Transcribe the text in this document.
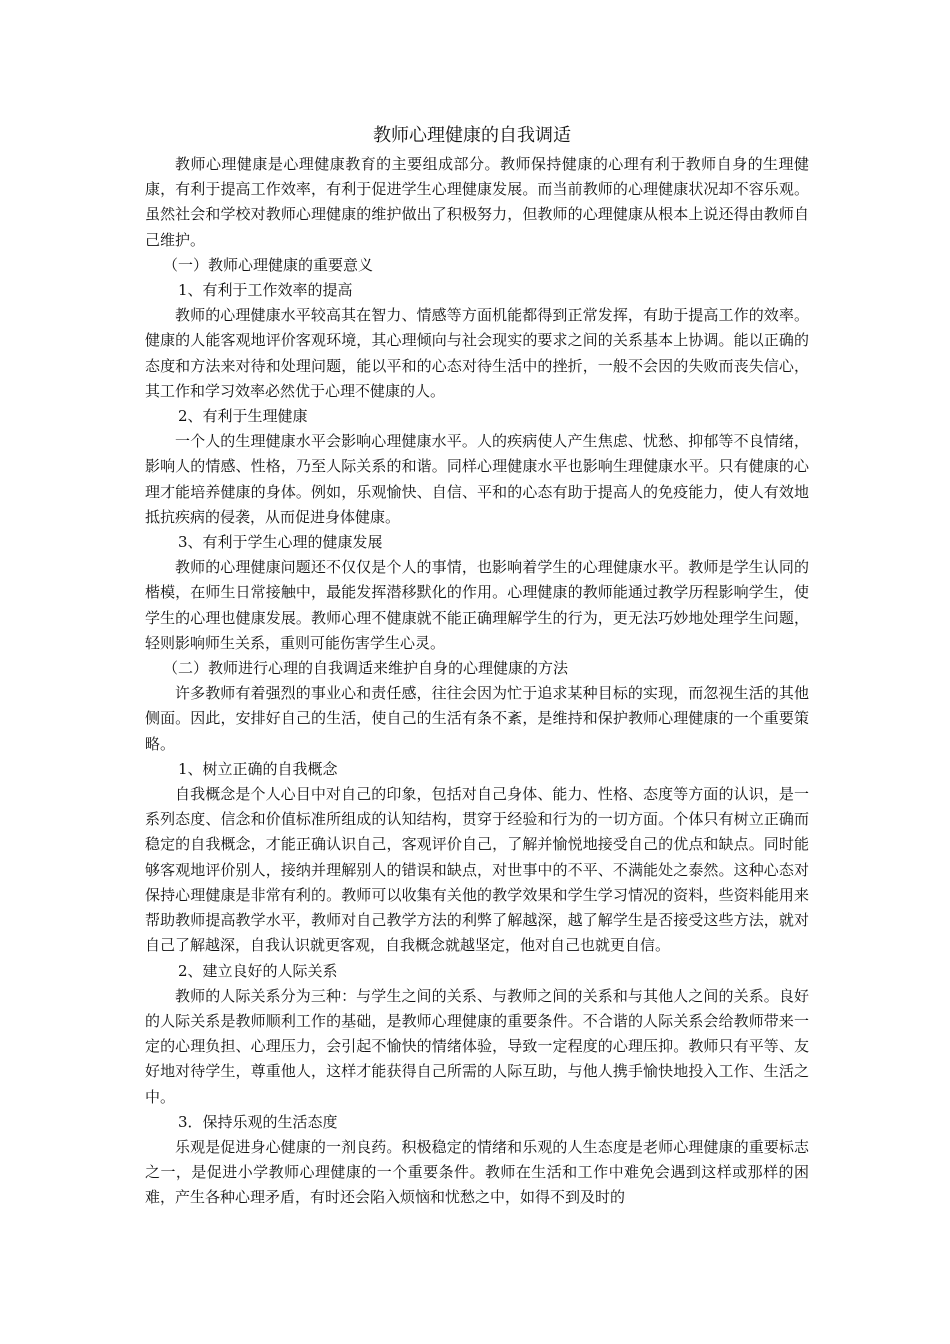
教师心理健康的自我调适

教师心理健康是心理健康教育的主要组成部分。教师保持健康的心理有利于教师自身的生理健康，有利于提高工作效率，有利于促进学生心理健康发展。而当前教师的心理健康状况却不容乐观。虽然社会和学校对教师心理健康的维护做出了积极努力，但教师的心理健康从根本上说还得由教师自己维护。

（一）教师心理健康的重要意义

1、有利于工作效率的提高

教师的心理健康水平较高其在智力、情感等方面机能都得到正常发挥，有助于提高工作的效率。健康的人能客观地评价客观环境，其心理倾向与社会现实的要求之间的关系基本上协调。能以正确的态度和方法来对待和处理问题，能以平和的心态对待生活中的挫折，一般不会因的失败而丧失信心，其工作和学习效率必然优于心理不健康的人。

2、有利于生理健康

一个人的生理健康水平会影响心理健康水平。人的疾病使人产生焦虑、忧愁、抑郁等不良情绪，影响人的情感、性格，乃至人际关系的和谐。同样心理健康水平也影响生理健康水平。只有健康的心理才能培养健康的身体。例如，乐观愉快、自信、平和的心态有助于提高人的免疫能力，使人有效地抵抗疾病的侵袭，从而促进身体健康。

3、有利于学生心理的健康发展

教师的心理健康问题还不仅仅是个人的事情，也影响着学生的心理健康水平。教师是学生认同的楷模，在师生日常接触中，最能发挥潜移默化的作用。心理健康的教师能通过教学历程影响学生，使学生的心理也健康发展。教师心理不健康就不能正确理解学生的行为，更无法巧妙地处理学生问题，轻则影响师生关系，重则可能伤害学生心灵。

（二）教师进行心理的自我调适来维护自身的心理健康的方法

许多教师有着强烈的事业心和责任感，往往会因为忙于追求某种目标的实现，而忽视生活的其他侧面。因此，安排好自己的生活，使自己的生活有条不紊，是维持和保护教师心理健康的一个重要策略。

1、树立正确的自我概念

自我概念是个人心目中对自己的印象，包括对自己身体、能力、性格、态度等方面的认识，是一系列态度、信念和价值标准所组成的认知结构，贯穿于经验和行为的一切方面。个体只有树立正确而稳定的自我概念，才能正确认识自己，客观评价自己，了解并愉悦地接受自己的优点和缺点。同时能够客观地评价别人，接纳并理解别人的错误和缺点，对世事中的不平、不满能处之泰然。这种心态对保持心理健康是非常有利的。教师可以收集有关他的教学效果和学生学习情况的资料，些资料能用来帮助教师提高教学水平，教师对自己教学方法的利弊了解越深，越了解学生是否接受这些方法，就对自己了解越深，自我认识就更客观，自我概念就越坚定，他对自己也就更自信。

2、建立良好的人际关系

教师的人际关系分为三种：与学生之间的关系、与教师之间的关系和与其他人之间的关系。良好的人际关系是教师顺利工作的基础，是教师心理健康的重要条件。不合谐的人际关系会给教师带来一定的心理负担、心理压力，会引起不愉快的情绪体验，导致一定程度的心理压抑。教师只有平等、友好地对待学生，尊重他人，这样才能获得自己所需的人际互助，与他人携手愉快地投入工作、生活之中。

3．保持乐观的生活态度

乐观是促进身心健康的一剂良药。积极稳定的情绪和乐观的人生态度是老师心理健康的重要标志之一，是促进小学教师心理健康的一个重要条件。教师在生活和工作中难免会遇到这样或那样的困难，产生各种心理矛盾，有时还会陷入烦恼和忧愁之中，如得不到及时的
